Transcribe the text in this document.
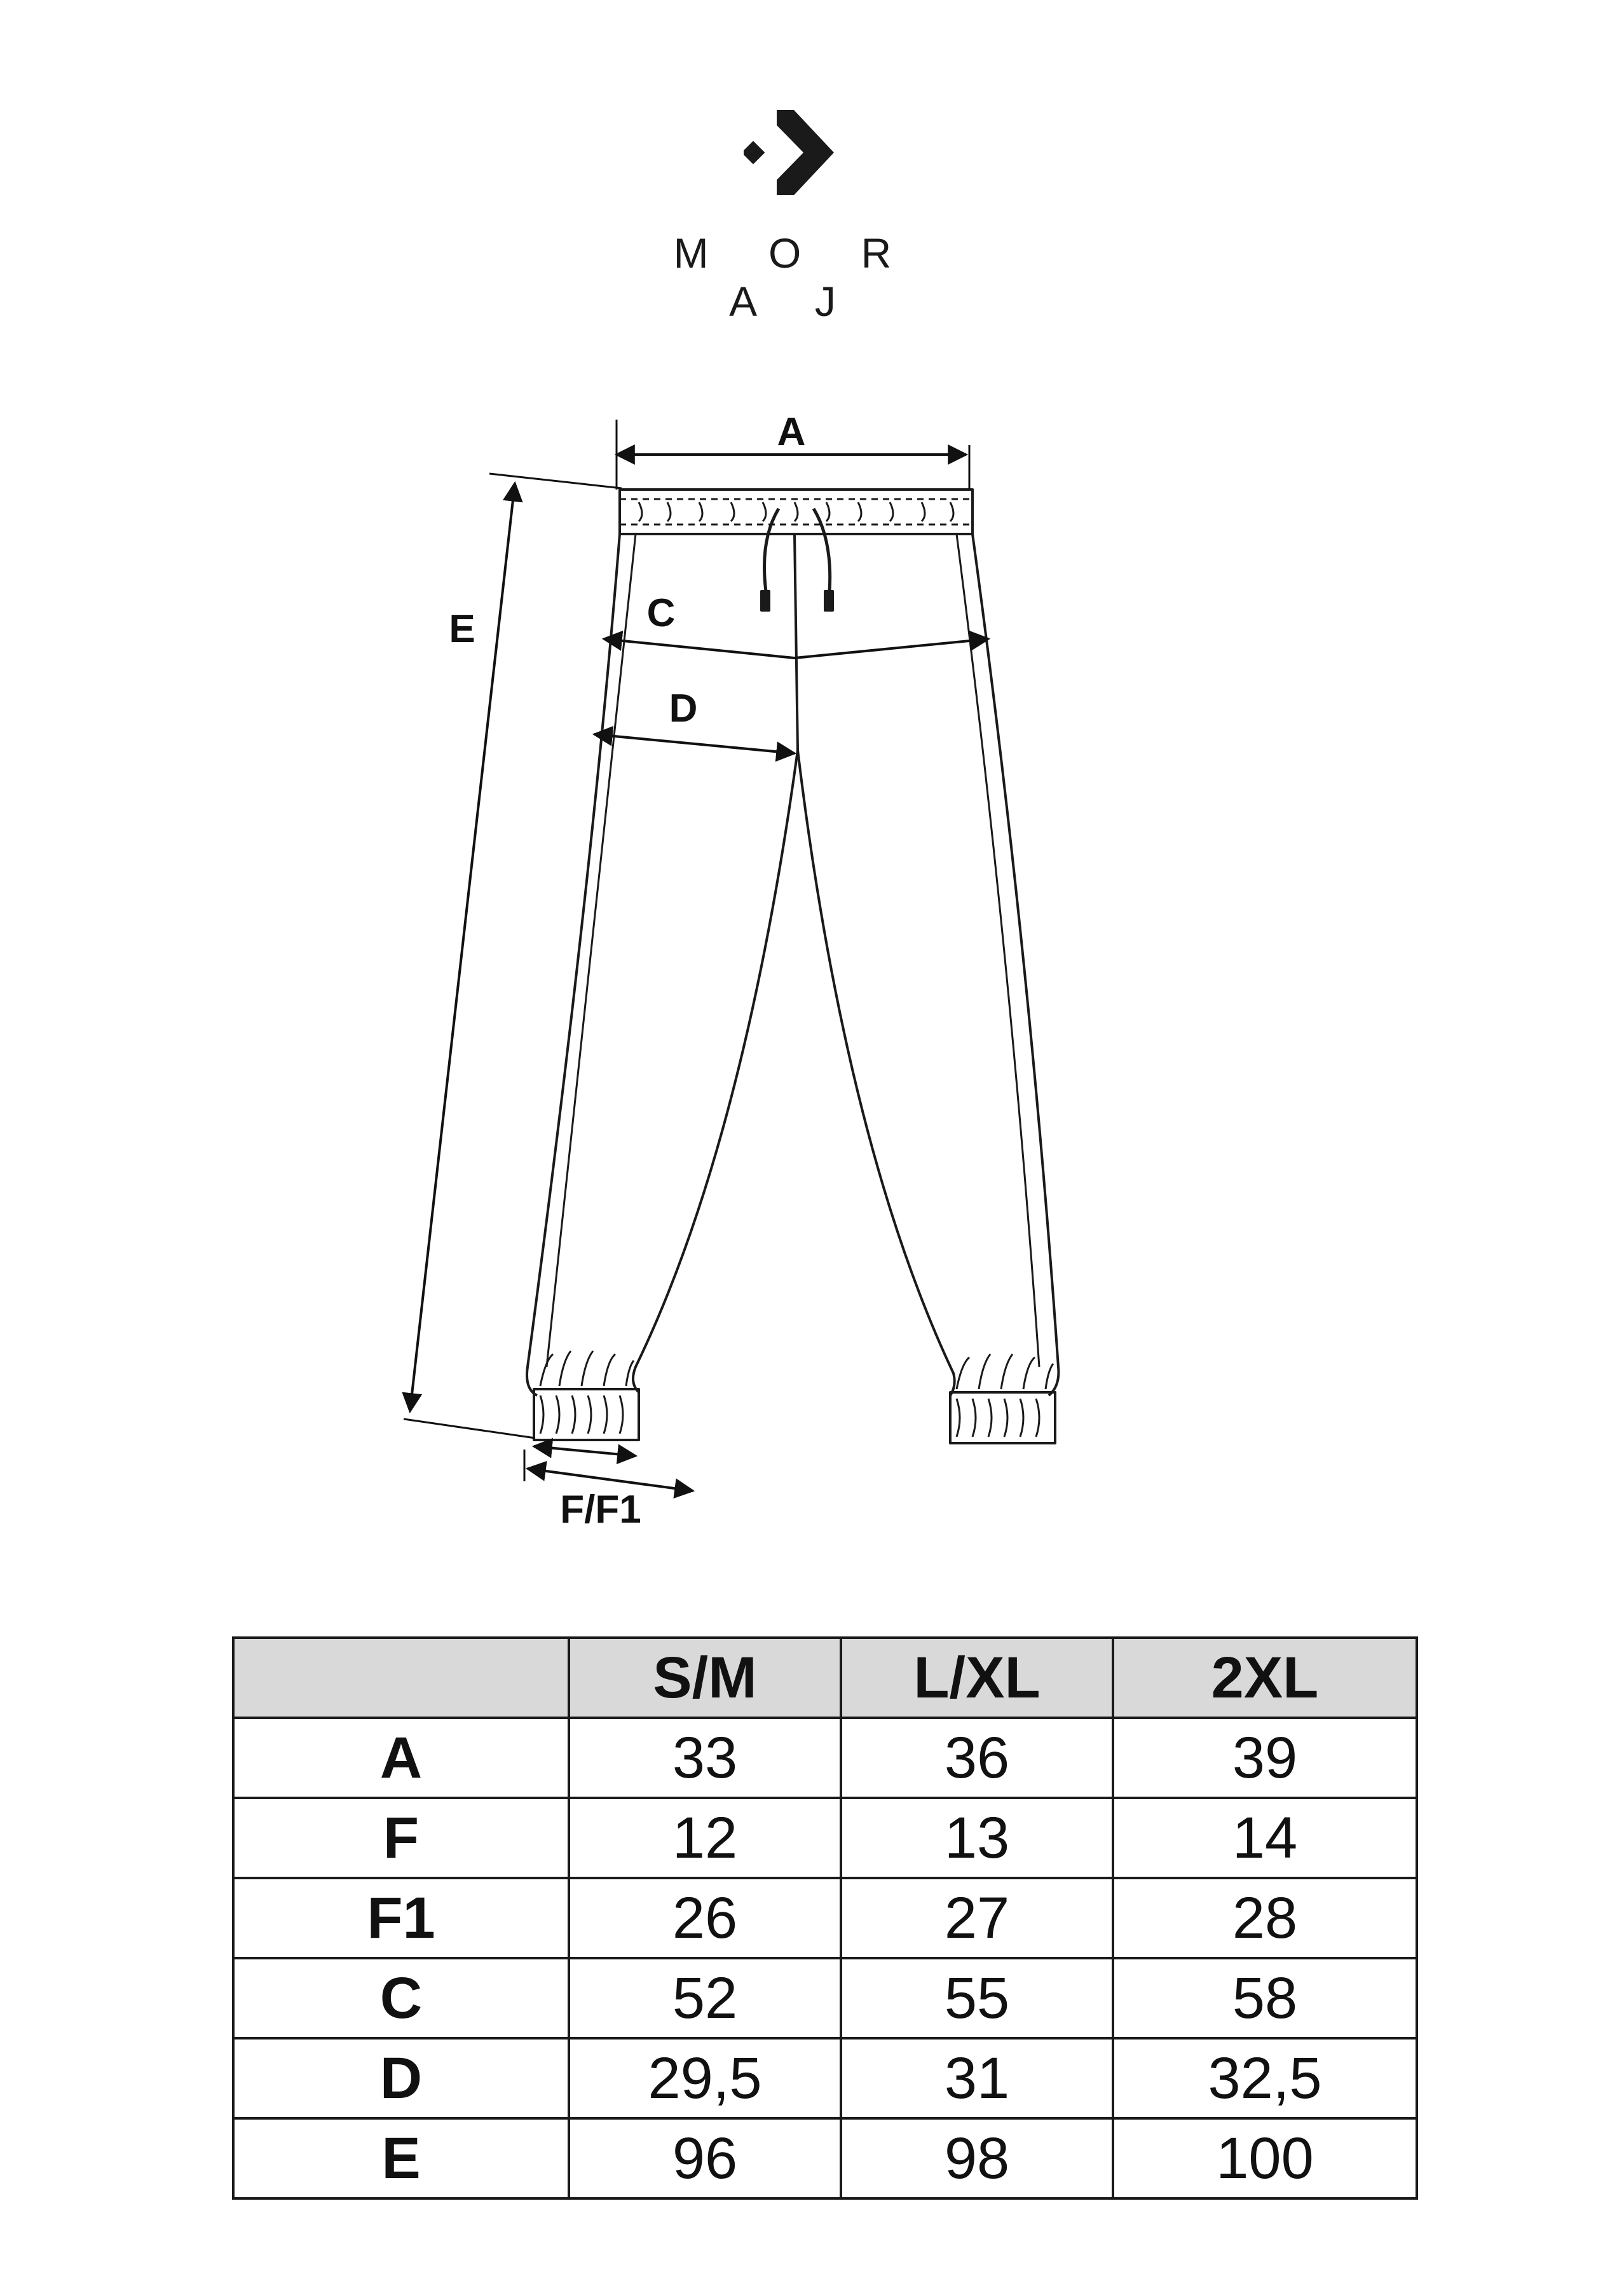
M O R A J
A
C
D
E
F/F1
	S/M	L/XL	2XL
A	33	36	39
F	12	13	14
F1	26	27	28
C	52	55	58
D	29,5	31	32,5
E	96	98	100
